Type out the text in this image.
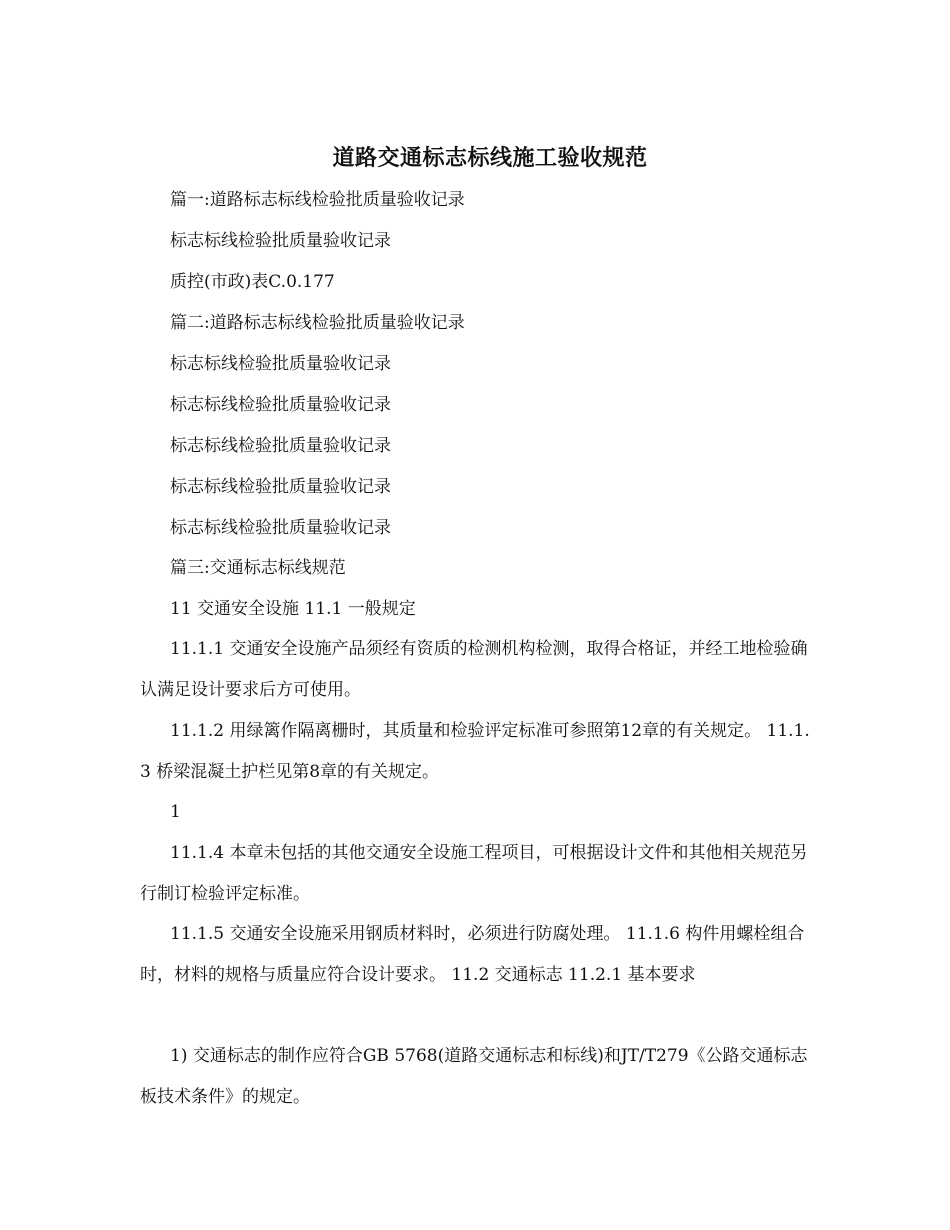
道路交通标志标线施工验收规范
篇一:道路标志标线检验批质量验收记录
标志标线检验批质量验收记录
质控(市政)表C.0.177
篇二:道路标志标线检验批质量验收记录
标志标线检验批质量验收记录
标志标线检验批质量验收记录
标志标线检验批质量验收记录
标志标线检验批质量验收记录
标志标线检验批质量验收记录
篇三:交通标志标线规范
11 交通安全设施 11.1 一般规定

11.1.1 交通安全设施产品须经有资质的检测机构检测，取得合格证，并经工地检验确认满足设计要求后方可使用。

11.1.2 用绿篱作隔离栅时，其质量和检验评定标准可参照第12章的有关规定。 11.1.3 桥梁混凝土护栏见第8章的有关规定。

1

11.1.4 本章未包括的其他交通安全设施工程项目，可根据设计文件和其他相关规范另行制订检验评定标准。

11.1.5 交通安全设施采用钢质材料时，必须进行防腐处理。 11.1.6 构件用螺栓组合时，材料的规格与质量应符合设计要求。 11.2 交通标志 11.2.1 基本要求

1) 交通标志的制作应符合GB 5768(道路交通标志和标线)和JT/T279《公路交通标志板技术条件》的规定。
